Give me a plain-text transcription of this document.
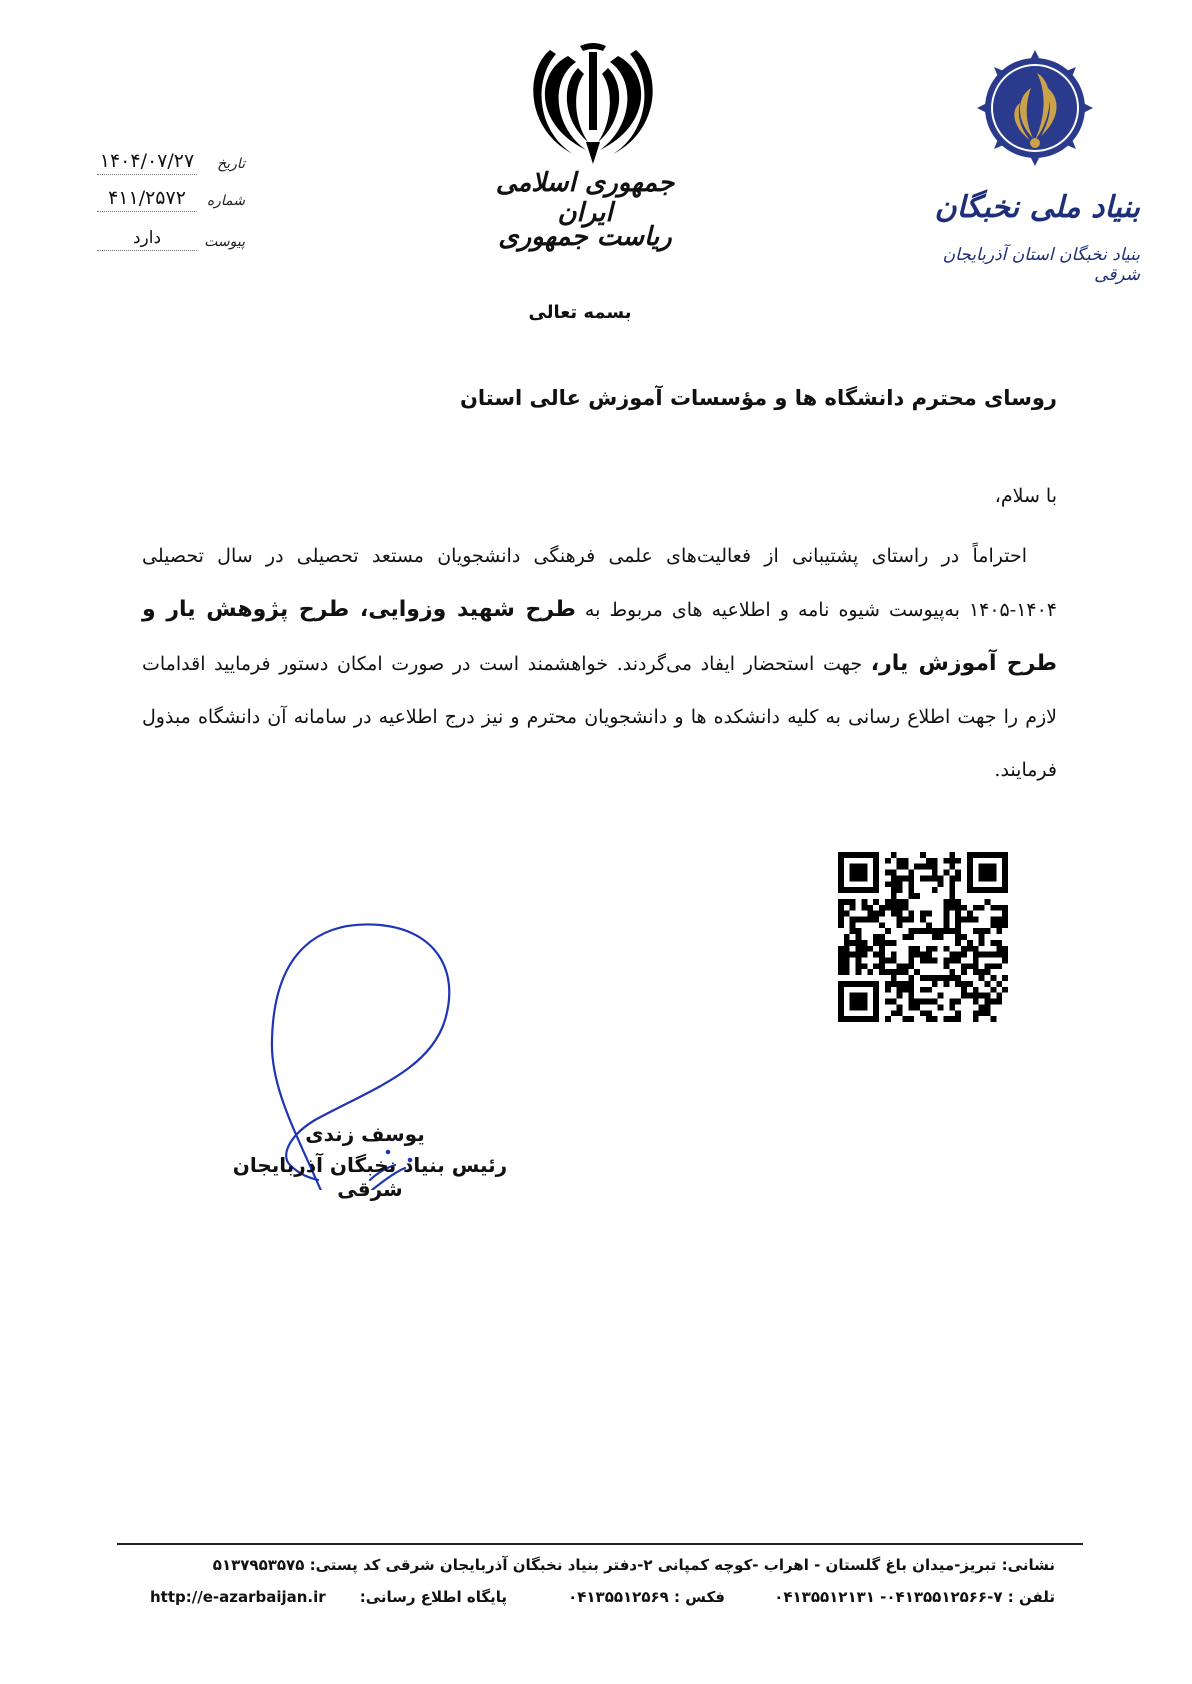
تاریخ
۱۴۰۴/۰۷/۲۷
شماره
۴۱۱/۲۵۷۲
پیوست
دارد
جمهوری اسلامی ایران
ریاست جمهوری
بنیاد ملی نخبگان
بنیاد نخبگان استان آذربایجان شرقی
بسمه تعالی
روسای محترم دانشگاه ها و مؤسسات آموزش عالی استان
با سلام،
احتراماً در راستای پشتیبانی از فعالیت‌های علمی فرهنگی دانشجویان مستعد تحصیلی در سال تحصیلی ۱۴۰۴-۱۴۰۵ به‌پیوست شیوه نامه و اطلاعیه های مربوط به طرح شهید وزوایی، طرح پژوهش یار و طرح آموزش یار، جهت استحضار ایفاد می‌گردند. خواهشمند است در صورت امکان دستور فرمایید اقدامات لازم را جهت اطلاع رسانی به کلیه دانشکده ها و دانشجویان محترم و نیز درج اطلاعیه در سامانه آن دانشگاه مبذول فرمایند.
یوسف زندی
رئیس بنیاد نخبگان آذربایجان شرقی
نشانی: تبریز-میدان باغ گلستان - اهراب -کوچه کمپانی ۲-دفتر بنیاد نخبگان آذربایجان شرقی کد پستی: ۵۱۳۷۹۵۳۵۷۵
تلفن : ۷-۰۴۱۳۵۵۱۲۵۶۶- ۰۴۱۳۵۵۱۲۱۳۱
فکس : ۰۴۱۳۵۵۱۲۵۶۹
پایگاه اطلاع رسانی:
http://e-azarbaijan.ir
